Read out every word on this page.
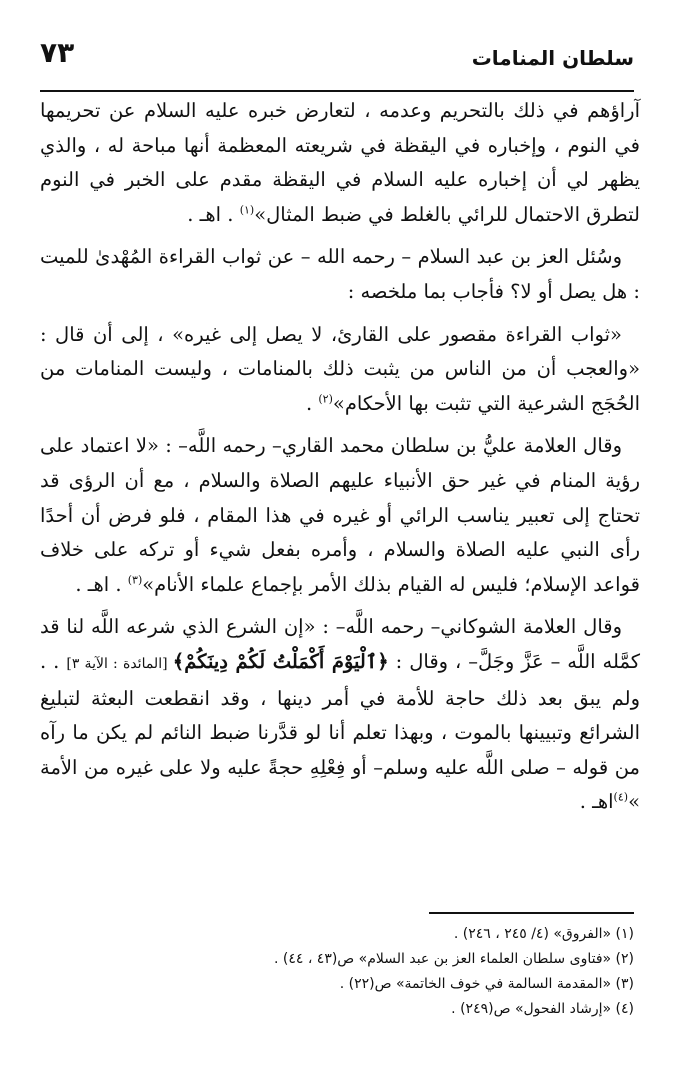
٧٣	سلطان المنامات

آراؤهم في ذلك بالتحريم وعدمه ، لتعارض خبره عليه السلام عن تحريمها في النوم ، وإخباره في اليقظة في شريعته المعظمة أنها مباحة له ، والذي يظهر لي أن إخباره عليه السلام في اليقظة مقدم على الخبر في النوم لتطرق الاحتمال للرائي بالغلط في ضبط المثال»$^{(١)}$ . اهـ .

وسُئل العز بن عبد السلام – رحمه الله – عن ثواب القراءة المُهْدىٰ للميت : هل يصل أو لا؟ فأجاب بما ملخصه :

«ثواب القراءة مقصور على القارئ، لا يصل إلى غيره» ، إلى أن قال : «والعجب أن من الناس من يثبت ذلك بالمنامات ، وليست المنامات من الحُجَج الشرعية التي تثبت بها الأحكام»$^{(٢)}$ .

وقال العلامة عليُّ بن سلطان محمد القاري– رحمه اللَّه– : «لا اعتماد على رؤية المنام في غير حق الأنبياء عليهم الصلاة والسلام ، مع أن الرؤى قد تحتاج إلى تعبير يناسب الرائي أو غيره في هذا المقام ، فلو فرض أن أحدًا رأى النبي عليه الصلاة والسلام ، وأمره بفعل شيء أو تركه على خلاف قواعد الإسلام؛ فليس له القيام بذلك الأمر بإجماع علماء الأنام»$^{(٣)}$ . اهـ .

وقال العلامة الشوكاني– رحمه اللَّه– : «إن الشرع الذي شرعه اللَّه لنا قد كمَّله اللَّه – عَزَّ وجَلَّ– ، وقال : ﴿ٱلْيَوْمَ أَكْمَلْتُ لَكُمْ دِينَكُمْ﴾ [المائدة : الآية ٣] . . ولم يبق بعد ذلك حاجة للأمة في أمر دينها ، وقد انقطعت البعثة لتبليغ الشرائع وتبيينها بالموت ، وبهذا تعلم أنا لو قدَّرنا ضبط النائم لم يكن ما رآه من قوله – صلى اللَّه عليه وسلم– أو فِعْلِهِ حجةً عليه ولا على غيره من الأمة »$^{(٤)}$اهـ .

(١) «الفروق» (٤/ ٢٤٥ ، ٢٤٦) .

(٢) «فتاوى سلطان العلماء العز بن عبد السلام» ص(٤٣ ، ٤٤) .

(٣) «المقدمة السالمة في خوف الخاتمة» ص(٢٢) .

(٤) «إرشاد الفحول» ص(٢٤٩) .
